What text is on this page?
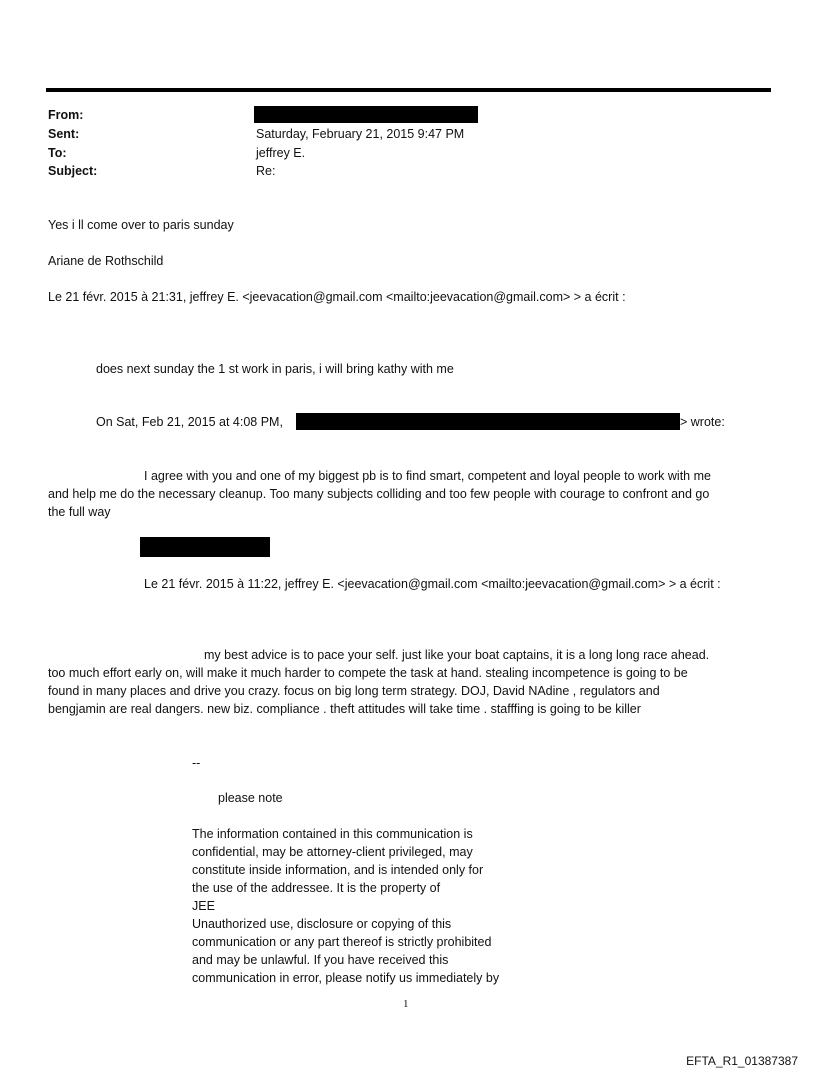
From:
Sent:	Saturday, February 21, 2015 9:47 PM
To:	jeffrey E.
Subject:	Re:
Yes i ll come over to paris sunday
Ariane de Rothschild
Le 21 févr. 2015 à 21:31, jeffrey E. <jeevacation@gmail.com <mailto:jeevacation@gmail.com> > a écrit :
does next sunday the 1 st work in paris, i will bring kathy with me
On Sat, Feb 21, 2015 at 4:08 PM,	> wrote:
I agree with you and one of my biggest pb is to find smart, competent and loyal people to work with me
and help me do the necessary cleanup. Too many subjects colliding and too few people with courage to confront and go
the full way
Le 21 févr. 2015 à 11:22, jeffrey E. <jeevacation@gmail.com <mailto:jeevacation@gmail.com> > a écrit :
my best advice is to pace your self. just like your boat captains, it is a long long race ahead.
too much effort early on, will make it much harder to compete the task at hand. stealing incompetence is going to be
found in many places and drive you crazy. focus on big long term strategy. DOJ, David NAdine , regulators and
bengjamin are real dangers. new biz. compliance . theft attitudes will take time . stafffing is going to be killer
--
please note
The information contained in this communication is
confidential, may be attorney-client privileged, may
constitute inside information, and is intended only for
the use of the addressee. It is the property of
JEE
Unauthorized use, disclosure or copying of this
communication or any part thereof is strictly prohibited
and may be unlawful. If you have received this
communication in error, please notify us immediately by
1
EFTA_R1_01387387
